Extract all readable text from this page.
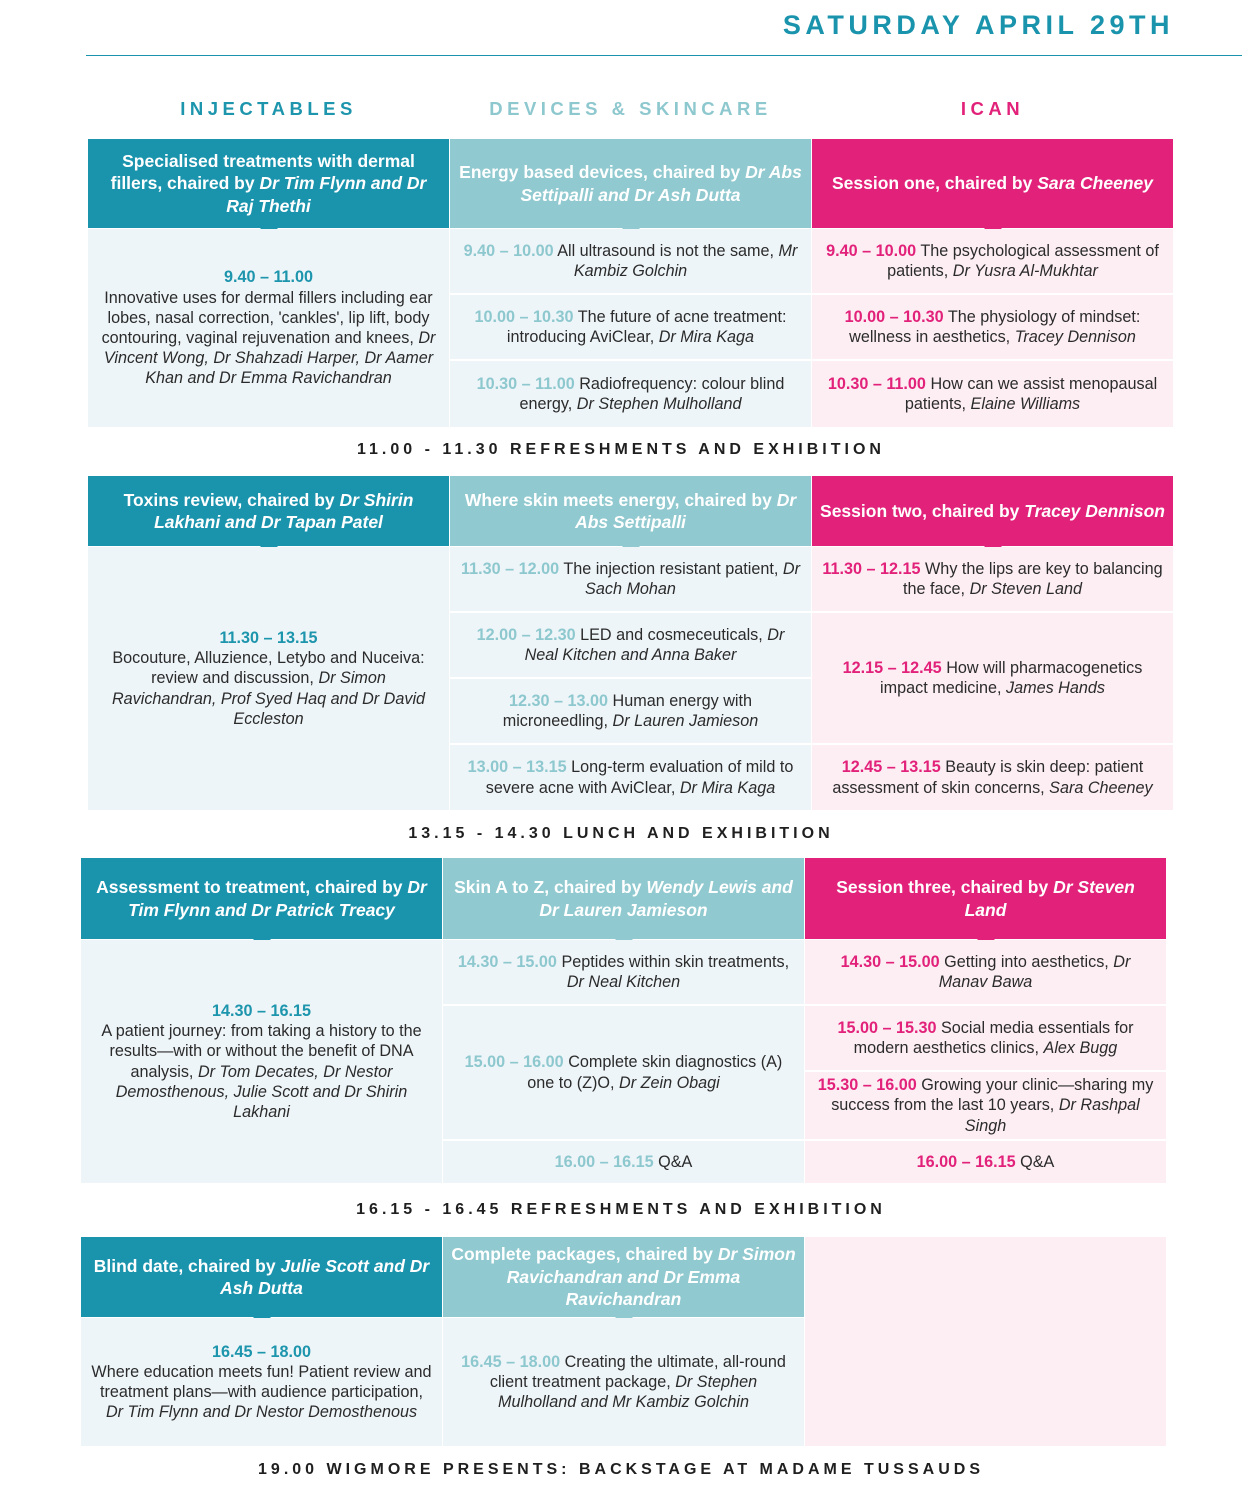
SATURDAY APRIL 29TH
INJECTABLES	DEVICES & SKINCARE	ICAN
Specialised treatments with dermal fillers, chaired by Dr Tim Flynn and Dr Raj Thethi
Energy based devices, chaired by Dr Abs Settipalli and Dr Ash Dutta
Session one, chaired by Sara Cheeney
9.40 – 11.00
Innovative uses for dermal fillers including ear lobes, nasal correction, 'cankles', lip lift, body contouring, vaginal rejuvenation and knees, Dr Vincent Wong, Dr Shahzadi Harper, Dr Aamer Khan and Dr Emma Ravichandran
9.40 – 10.00 All ultrasound is not the same, Mr Kambiz Golchin
10.00 – 10.30 The future of acne treatment: introducing AviClear, Dr Mira Kaga
10.30 – 11.00 Radiofrequency: colour blind energy, Dr Stephen Mulholland
9.40 – 10.00 The psychological assessment of patients, Dr Yusra Al-Mukhtar
10.00 – 10.30 The physiology of mindset: wellness in aesthetics, Tracey Dennison
10.30 – 11.00 How can we assist menopausal patients, Elaine Williams
11.00 - 11.30 REFRESHMENTS AND EXHIBITION
Toxins review, chaired by Dr Shirin Lakhani and Dr Tapan Patel
Where skin meets energy, chaired by Dr Abs Settipalli
Session two, chaired by Tracey Dennison
11.30 – 13.15
Bocouture, Alluzience, Letybo and Nuceiva: review and discussion, Dr Simon Ravichandran, Prof Syed Haq and Dr David Eccleston
11.30 – 12.00 The injection resistant patient, Dr Sach Mohan
12.00 – 12.30 LED and cosmeceuticals, Dr Neal Kitchen and Anna Baker
12.30 – 13.00 Human energy with microneedling, Dr Lauren Jamieson
13.00 – 13.15 Long-term evaluation of mild to severe acne with AviClear, Dr Mira Kaga
11.30 – 12.15 Why the lips are key to balancing the face, Dr Steven Land
12.15 – 12.45 How will pharmacogenetics impact medicine, James Hands
12.45 – 13.15 Beauty is skin deep: patient assessment of skin concerns, Sara Cheeney
13.15 - 14.30 LUNCH AND EXHIBITION
Assessment to treatment, chaired by Dr Tim Flynn and Dr Patrick Treacy
Skin A to Z, chaired by Wendy Lewis and Dr Lauren Jamieson
Session three, chaired by Dr Steven Land
14.30 – 16.15
A patient journey: from taking a history to the results—with or without the benefit of DNA analysis, Dr Tom Decates, Dr Nestor Demosthenous, Julie Scott and Dr Shirin Lakhani
14.30 – 15.00 Peptides within skin treatments, Dr Neal Kitchen
15.00 – 16.00 Complete skin diagnostics (A) one to (Z)O, Dr Zein Obagi
16.00 – 16.15 Q&A
14.30 – 15.00 Getting into aesthetics, Dr Manav Bawa
15.00 – 15.30 Social media essentials for modern aesthetics clinics, Alex Bugg
15.30 – 16.00 Growing your clinic—sharing my success from the last 10 years, Dr Rashpal Singh
16.00 – 16.15 Q&A
16.15 - 16.45 REFRESHMENTS AND EXHIBITION
Blind date, chaired by Julie Scott and Dr Ash Dutta
Complete packages, chaired by Dr Simon Ravichandran and Dr Emma Ravichandran
16.45 – 18.00
Where education meets fun! Patient review and treatment plans—with audience participation, Dr Tim Flynn and Dr Nestor Demosthenous
16.45 – 18.00 Creating the ultimate, all-round client treatment package, Dr Stephen Mulholland and Mr Kambiz Golchin
19.00 WIGMORE PRESENTS: BACKSTAGE AT MADAME TUSSAUDS
